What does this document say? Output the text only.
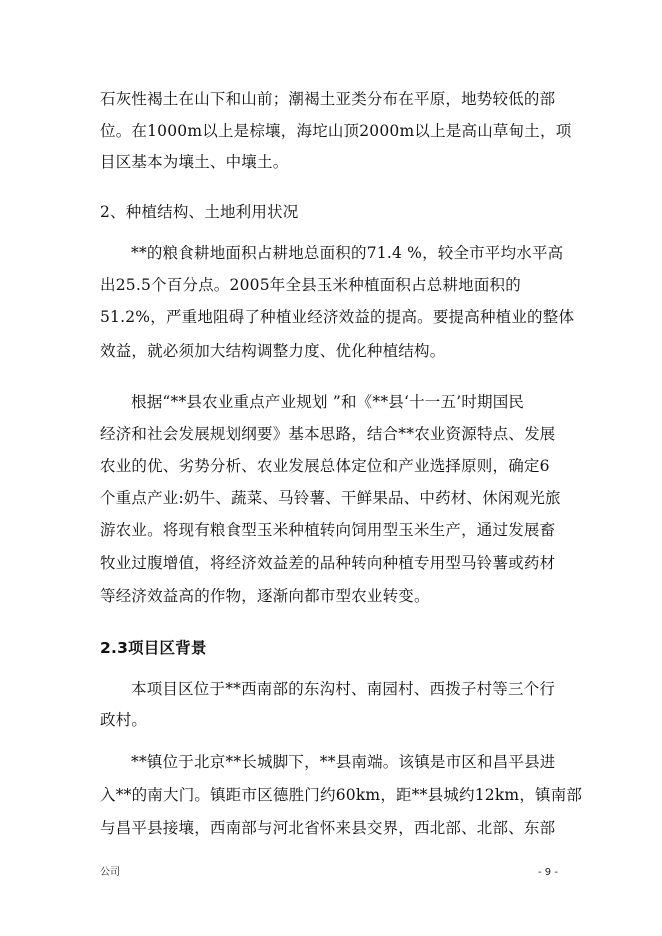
石灰性褐土在山下和山前；潮褐土亚类分布在平原，地势较低的部
位。在1000m以上是棕壤，海坨山顶2000m以上是高山草甸土，项
目区基本为壤土、中壤土。
2、种植结构、土地利用状况
**的粮食耕地面积占耕地总面积的71.4 %，较全市平均水平高
出25.5个百分点。2005年全县玉米种植面积占总耕地面积的
51.2%，严重地阻碍了种植业经济效益的提高。要提高种植业的整体
效益，就必须加大结构调整力度、优化种植结构。
根据“**县农业重点产业规划 ”和《**县‘十一五’时期国民
经济和社会发展规划纲要》基本思路，结合**农业资源特点、发展
农业的优、劣势分析、农业发展总体定位和产业选择原则，确定6
个重点产业:奶牛、蔬菜、马铃薯、干鲜果品、中药材、休闲观光旅
游农业。将现有粮食型玉米种植转向饲用型玉米生产，通过发展畜
牧业过腹增值，将经济效益差的品种转向种植专用型马铃薯或药材
等经济效益高的作物，逐渐向都市型农业转变。
2.3项目区背景
本项目区位于**西南部的东沟村、南园村、西拨子村等三个行
政村。
**镇位于北京**长城脚下，**县南端。该镇是市区和昌平县进
入**的南大门。镇距市区德胜门约60km，距**县城约12km，镇南部
与昌平县接壤，西南部与河北省怀来县交界，西北部、北部、东部
公司	- 9 -
